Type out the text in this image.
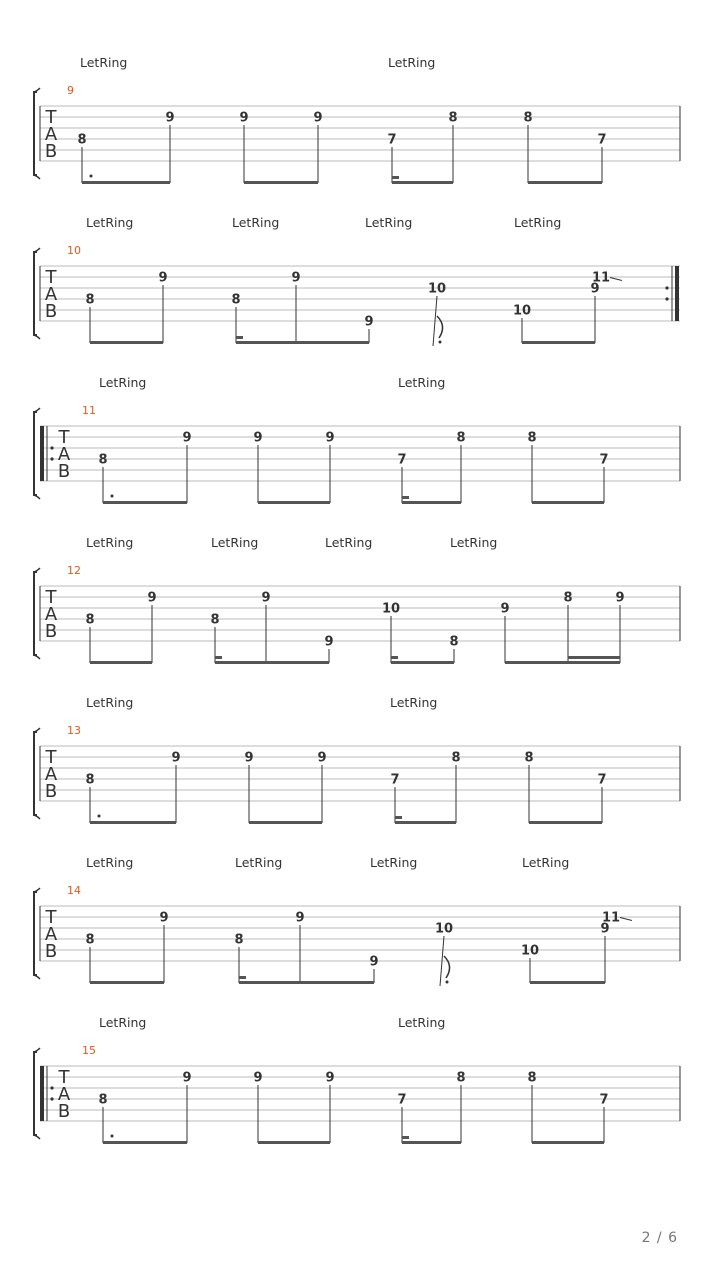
T
A
B
9
LetRing	LetRing
8
9	9	9
7
8	8
7
T
A
B
10
LetRing	LetRing	LetRing	LetRing
8
9
8
9
9
10
10
9
11
T
A
B
11
LetRing	LetRing
8
9	9	9
7
8	8
7
T
A
B
12
LetRing	LetRing	LetRing	LetRing
8
9
8
9
9
10
8
9
8	9
T
A
B
13
LetRing	LetRing
8
9	9	9
7
8	8
7
T
A
B
14
LetRing	LetRing	LetRing	LetRing
8
9
8
9
9
10
10
9
11
T
A
B
15
LetRing	LetRing
8
9	9	9
7
8	8
7
2 / 6
